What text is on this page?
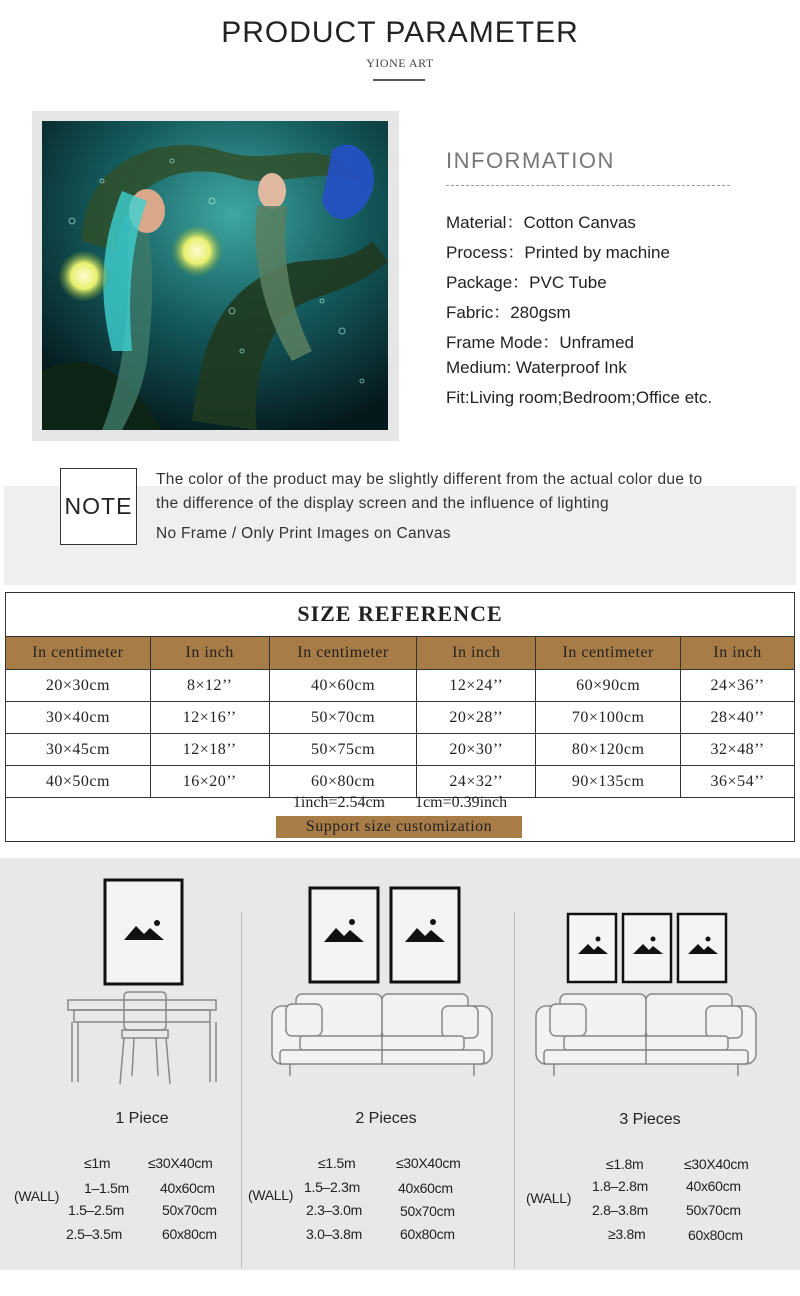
PRODUCT PARAMETER
YIONE ART
INFORMATION
Material：Cotton Canvas
Process：Printed by machine
Package：PVC Tube
Fabric：280gsm
Frame Mode：Unframed
Medium: Waterproof Ink
Fit:Living room;Bedroom;Office etc.
NOTE
The color of the product may be slightly different from the actual color due to
the difference of the display screen and the influence of lighting
No Frame / Only Print Images on Canvas
SIZE REFERENCE
In centimeter	In inch	In centimeter	In inch	In centimeter	In inch
20×30cm	8×12’’	40×60cm	12×24’’	60×90cm	24×36’’
30×40cm	12×16’’	50×70cm	20×28’’	70×100cm	28×40’’
30×45cm	12×18’’	50×75cm	20×30’’	80×120cm	32×48’’
40×50cm	16×20’’	60×80cm	24×32’’	90×135cm	36×54’’
1inch=2.54cm 1cm=0.39inch
Support size customization
1 Piece	2 Pieces	3 Pieces
(WALL)	(WALL)	(WALL)
≤1m	≤30X40cm
1–1.5m 40x60cm
1.5–2.5m	50x70cm
2.5–3.5m	60x80cm
≤1.5m	≤30X40cm
1.5–2.3m	40x60cm
2.3–3.0m	50x70cm
3.0–3.8m	60x80cm
≤1.8m	≤30X40cm
1.8–2.8m	40x60cm
2.8–3.8m	50x70cm
≥3.8m	60x80cm
